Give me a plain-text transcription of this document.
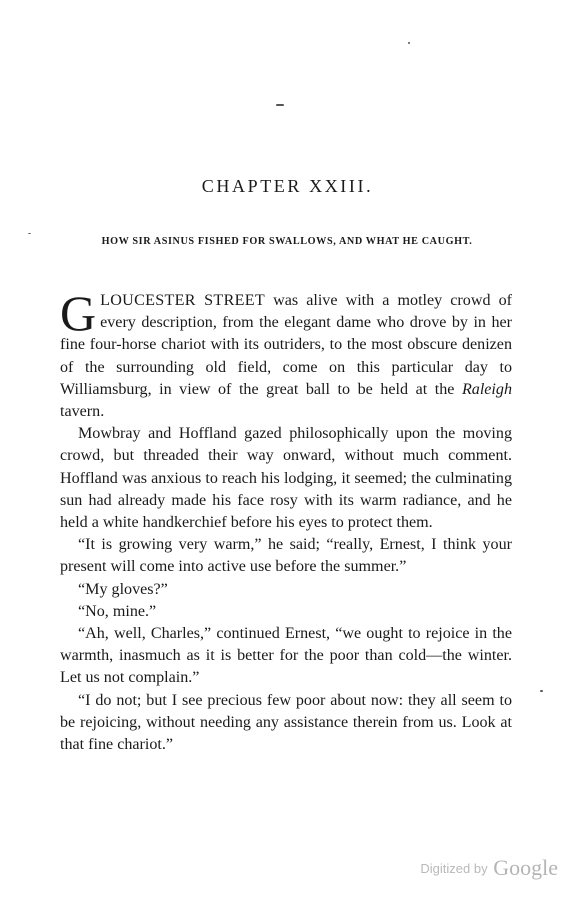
CHAPTER XXIII.
HOW SIR ASINUS FISHED FOR SWALLOWS, AND WHAT HE CAUGHT.

GLOUCESTER STREET was alive with a motley crowd of every description, from the elegant dame who drove by in her fine four-horse chariot with its outriders, to the most obscure denizen of the surrounding old field, come on this particular day to Williamsburg, in view of the great ball to be held at the Raleigh tavern.

Mowbray and Hoffland gazed philosophically upon the moving crowd, but threaded their way onward, without much comment. Hoffland was anxious to reach his lodging, it seemed; the culminating sun had already made his face rosy with its warm radiance, and he held a white handkerchief before his eyes to protect them.

“It is growing very warm,” he said; “really, Ernest, I think your present will come into active use before the summer.”

“My gloves?”

“No, mine.”

“Ah, well, Charles,” continued Ernest, “we ought to rejoice in the warmth, inasmuch as it is better for the poor than cold—the winter. Let us not complain.”

“I do not; but I see precious few poor about now: they all seem to be rejoicing, without needing any assistance therein from us. Look at that fine chariot.”

Digitized by Google
